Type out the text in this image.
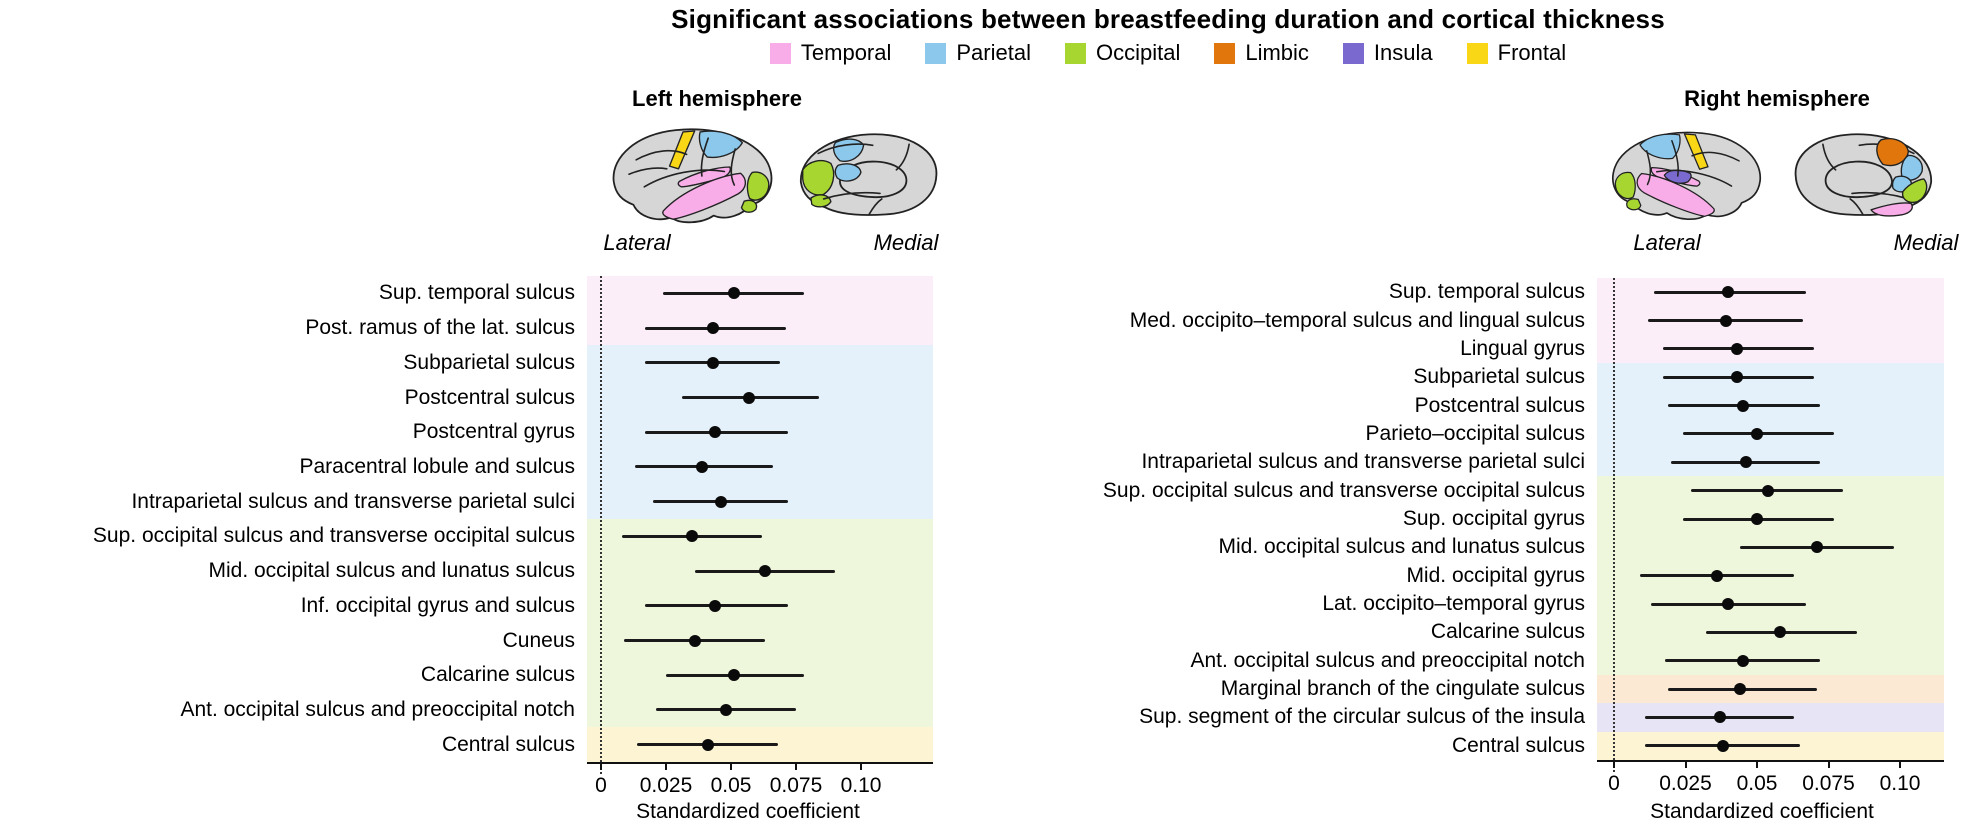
Significant associations between breastfeeding duration and cortical thickness
Temporal	Parietal	Occipital	Limbic	Insula	Frontal
Left hemisphere	Right hemisphere
Lateral	Medial	Lateral	Medial
Standardized coefficient	Standardized coefficient
Sup. temporal sulcus
Post. ramus of the lat. sulcus
Subparietal sulcus
Postcentral sulcus
Postcentral gyrus
Paracentral lobule and sulcus
Intraparietal sulcus and transverse parietal sulci
Sup. occipital sulcus and transverse occipital sulcus
Mid. occipital sulcus and lunatus sulcus
Inf. occipital gyrus and sulcus
Cuneus
Calcarine sulcus
Ant. occipital sulcus and preoccipital notch
Central sulcus
0 0.025 0.05 0.075 0.10
Sup. temporal sulcus
Med. occipito–temporal sulcus and lingual sulcus
Lingual gyrus
Subparietal sulcus
Postcentral sulcus
Parieto–occipital sulcus
Intraparietal sulcus and transverse parietal sulci
Sup. occipital sulcus and transverse occipital sulcus
Sup. occipital gyrus
Mid. occipital sulcus and lunatus sulcus
Mid. occipital gyrus
Lat. occipito–temporal gyrus
Calcarine sulcus
Ant. occipital sulcus and preoccipital notch
Marginal branch of the cingulate sulcus
Sup. segment of the circular sulcus of the insula
Central sulcus
0 0.025 0.05 0.075 0.10
